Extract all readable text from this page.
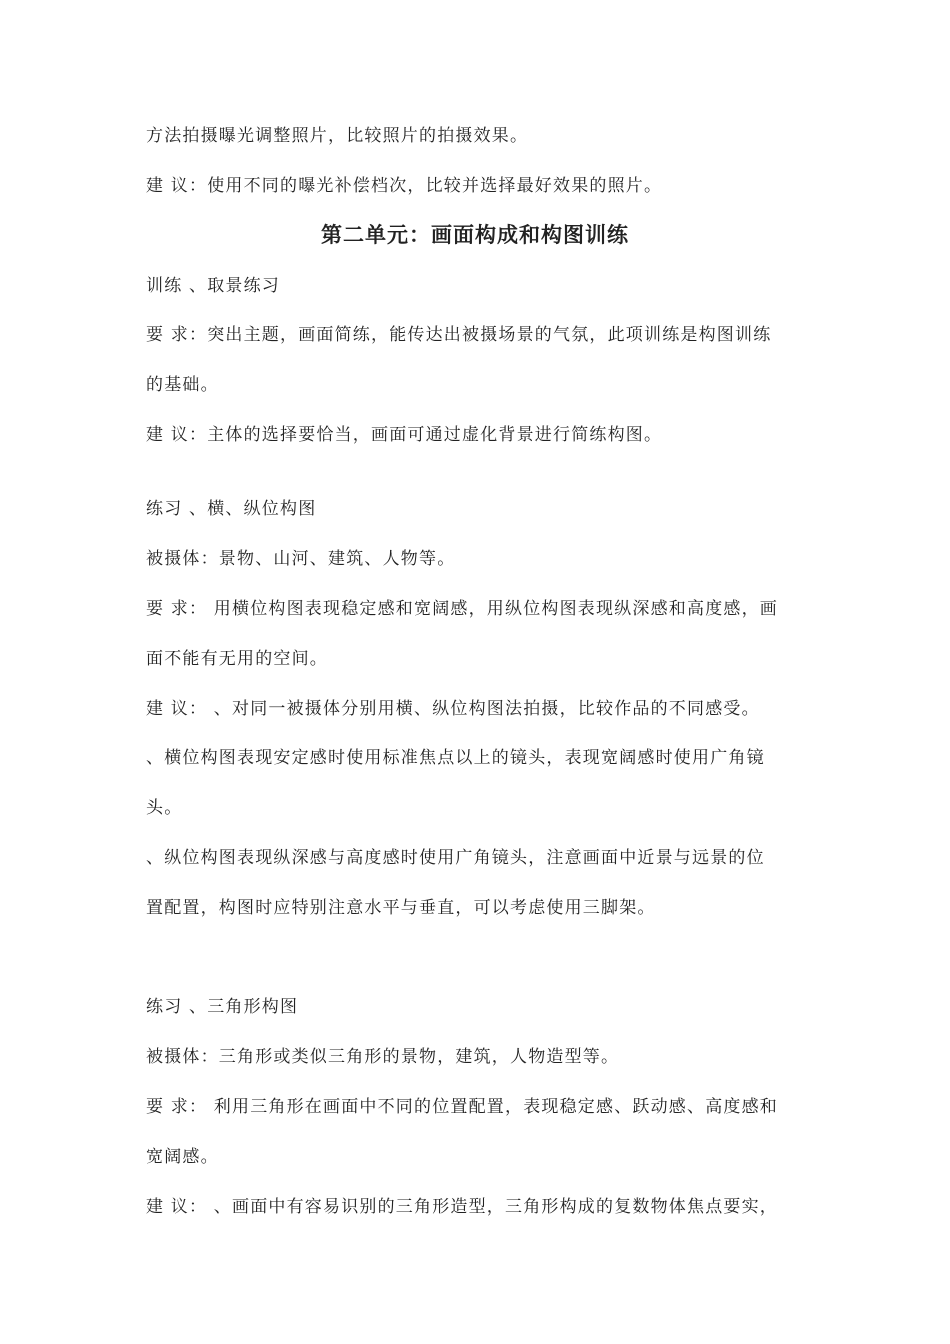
方法拍摄曝光调整照片，比较照片的拍摄效果。
建 议：使用不同的曝光补偿档次，比较并选择最好效果的照片。
第二单元：画面构成和构图训练
训练 、取景练习
要 求：突出主题，画面简练，能传达出被摄场景的气氛，此项训练是构图训练
的基础。
建 议：主体的选择要恰当，画面可通过虚化背景进行简练构图。
练习 、横、纵位构图
被摄体：景物、山河、建筑、人物等。
要 求： 用横位构图表现稳定感和宽阔感，用纵位构图表现纵深感和高度感，画
面不能有无用的空间。
建 议： 、对同一被摄体分别用横、纵位构图法拍摄，比较作品的不同感受。
、横位构图表现安定感时使用标准焦点以上的镜头，表现宽阔感时使用广角镜
头。
、纵位构图表现纵深感与高度感时使用广角镜头，注意画面中近景与远景的位
置配置，构图时应特别注意水平与垂直，可以考虑使用三脚架。
练习 、三角形构图
被摄体：三角形或类似三角形的景物，建筑，人物造型等。
要 求： 利用三角形在画面中不同的位置配置，表现稳定感、跃动感、高度感和
宽阔感。
建 议： 、画面中有容易识别的三角形造型，三角形构成的复数物体焦点要实，
